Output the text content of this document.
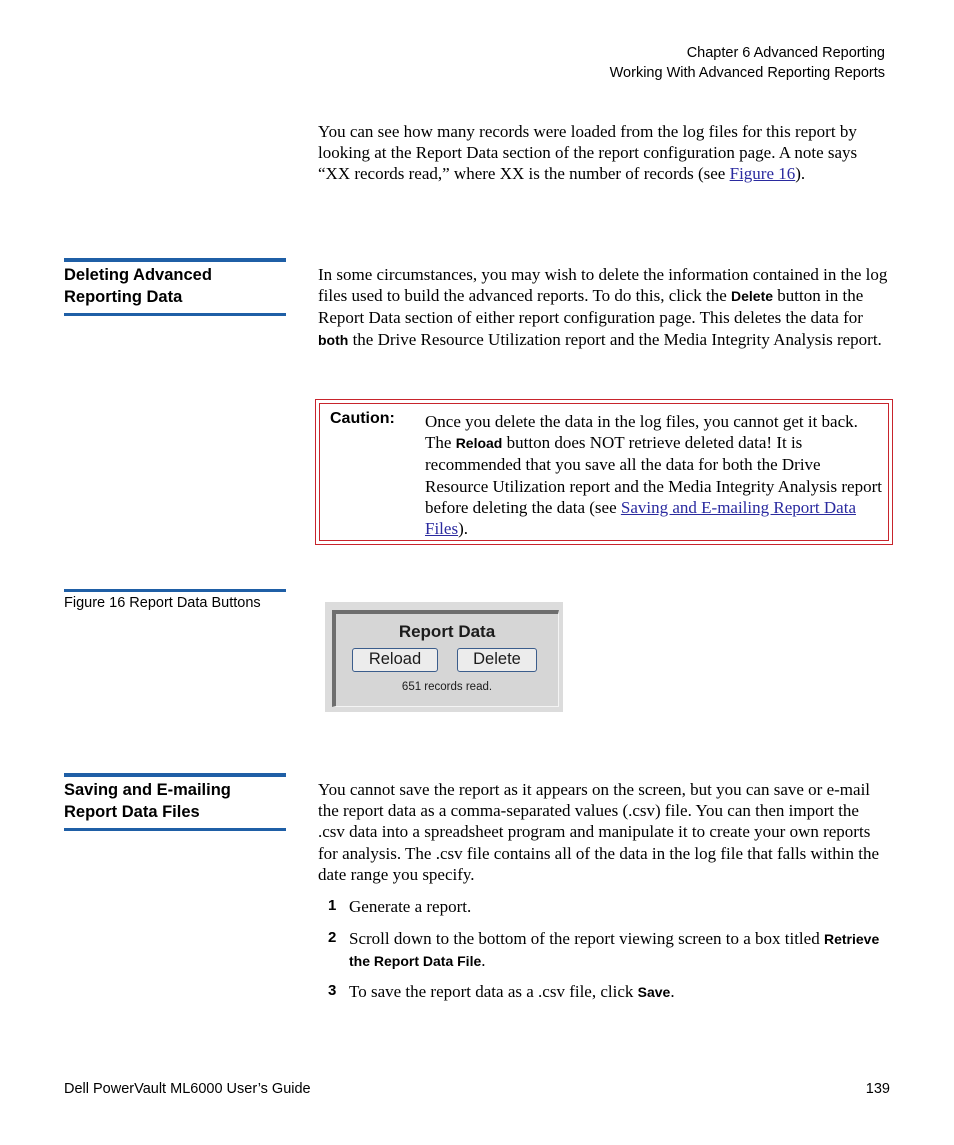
Chapter 6 Advanced Reporting
Working With Advanced Reporting Reports
You can see how many records were loaded from the log files for this report by looking at the Report Data section of the report configuration page. A note says “XX records read,” where XX is the number of records (see Figure 16).
Deleting Advanced Reporting Data
In some circumstances, you may wish to delete the information contained in the log files used to build the advanced reports. To do this, click the Delete button in the Report Data section of either report configuration page. This deletes the data for both the Drive Resource Utilization report and the Media Integrity Analysis report.
Caution: Once you delete the data in the log files, you cannot get it back. The Reload button does NOT retrieve deleted data! It is recommended that you save all the data for both the Drive Resource Utilization report and the Media Integrity Analysis report before deleting the data (see Saving and E-mailing Report Data Files).
Figure 16 Report Data Buttons
Report Data
Reload	Delete
651 records read.
Saving and E-mailing Report Data Files
You cannot save the report as it appears on the screen, but you can save or e-mail the report data as a comma-separated values (.csv) file. You can then import the .csv data into a spreadsheet program and manipulate it to create your own reports for analysis. The .csv file contains all of the data in the log file that falls within the date range you specify.
1 Generate a report.
2 Scroll down to the bottom of the report viewing screen to a box titled Retrieve the Report Data File.
3 To save the report data as a .csv file, click Save.
Dell PowerVault ML6000 User’s Guide	139
